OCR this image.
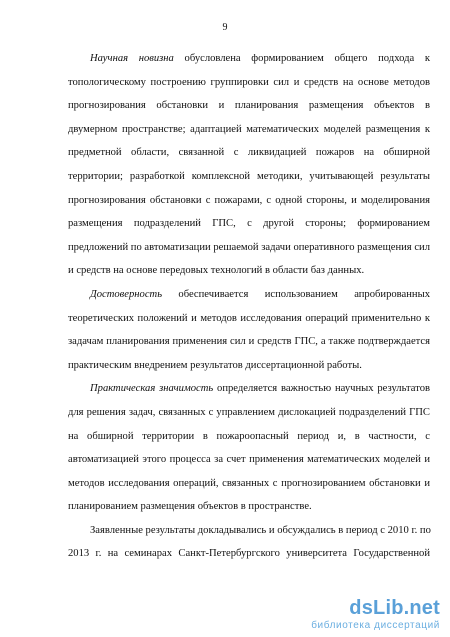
9
Научная новизна обусловлена формированием общего подхода к
топологическому построению группировки сил и средств на основе методов
прогнозирования обстановки и планирования размещения объектов в
двумерном пространстве; адаптацией математических моделей размещения к
предметной области, связанной с ликвидацией пожаров на обширной
территории; разработкой комплексной методики, учитывающей результаты
прогнозирования обстановки с пожарами, с одной стороны, и моделирования
размещения подразделений ГПС, с другой стороны; формированием
предложений по автоматизации решаемой задачи оперативного размещения сил
и средств на основе передовых технологий в области баз данных.
Достоверность обеспечивается использованием апробированных
теоретических положений и методов исследования операций применительно к
задачам планирования применения сил и средств ГПС, а также подтверждается
практическим внедрением результатов диссертационной работы.
Практическая значимость определяется важностью научных результатов
для решения задач, связанных с управлением дислокацией подразделений ГПС
на обширной территории в пожароопасный период и, в частности, с
автоматизацией этого процесса за счет применения математических моделей и
методов исследования операций, связанных с прогнозированием обстановки и
планированием размещения объектов в пространстве.
Заявленные результаты докладывались и обсуждались в период с 2010 г. по
2013 г. на семинарах Санкт-Петербургского университета Государственной
dsLib.net
библиотека диссертаций
